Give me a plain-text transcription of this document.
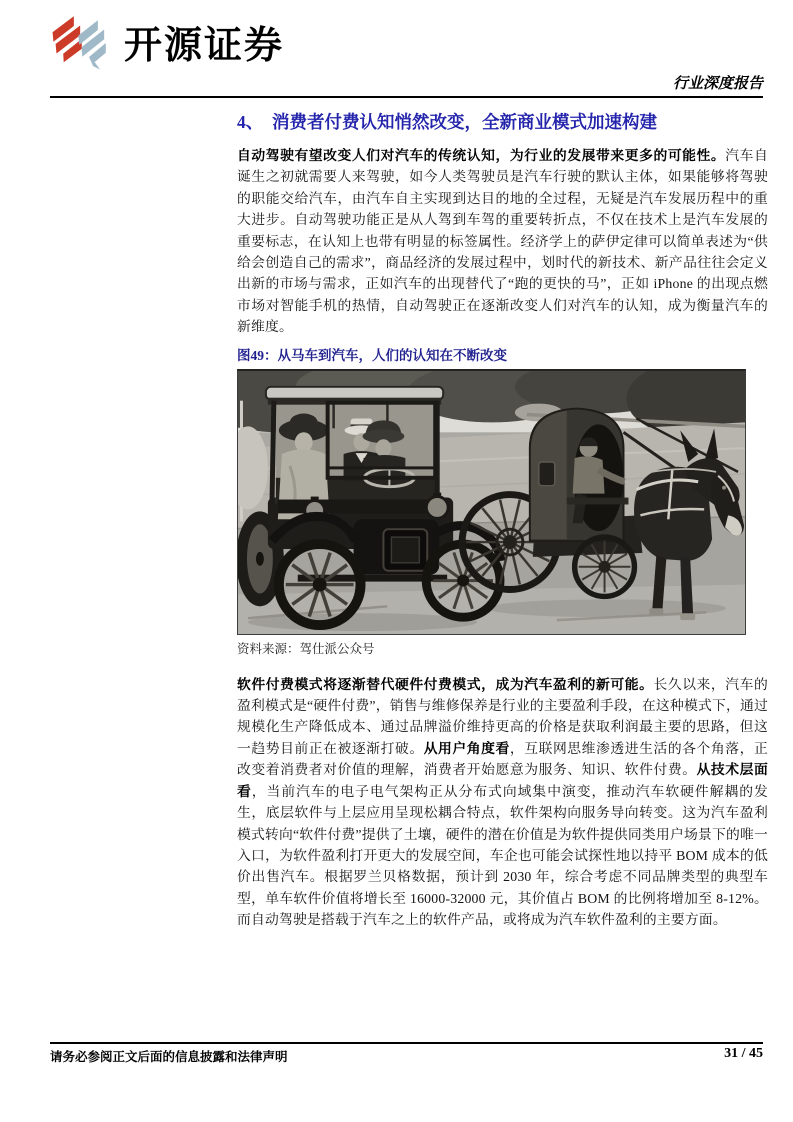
开源证券
行业深度报告
4、　消费者付费认知悄然改变，全新商业模式加速构建

自动驾驶有望改变人们对汽车的传统认知，为行业的发展带来更多的可能性。汽车自诞生之初就需要人来驾驶，如今人类驾驶员是汽车行驶的默认主体，如果能够将驾驶的职能交给汽车，由汽车自主实现到达目的地的全过程，无疑是汽车发展历程中的重大进步。自动驾驶功能正是从人驾到车驾的重要转折点，不仅在技术上是汽车发展的重要标志，在认知上也带有明显的标签属性。经济学上的萨伊定律可以简单表述为“供给会创造自己的需求”，商品经济的发展过程中，划时代的新技术、新产品往往会定义出新的市场与需求，正如汽车的出现替代了“跑的更快的马”，正如 iPhone 的出现点燃市场对智能手机的热情，自动驾驶正在逐渐改变人们对汽车的认知，成为衡量汽车的新维度。

图49：从马车到汽车，人们的认知在不断改变
资料来源：驾仕派公众号

软件付费模式将逐渐替代硬件付费模式，成为汽车盈利的新可能。长久以来，汽车的盈利模式是“硬件付费”，销售与维修保养是行业的主要盈利手段，在这种模式下，通过规模化生产降低成本、通过品牌溢价维持更高的价格是获取利润最主要的思路，但这一趋势目前正在被逐渐打破。从用户角度看，互联网思维渗透进生活的各个角落，正改变着消费者对价值的理解，消费者开始愿意为服务、知识、软件付费。从技术层面看，当前汽车的电子电气架构正从分布式向域集中演变，推动汽车软硬件解耦的发生，底层软件与上层应用呈现松耦合特点，软件架构向服务导向转变。这为汽车盈利模式转向“软件付费”提供了土壤，硬件的潜在价值是为软件提供同类用户场景下的唯一入口，为软件盈利打开更大的发展空间，车企也可能会试探性地以持平 BOM 成本的低价出售汽车。根据罗兰贝格数据，预计到 2030 年，综合考虑不同品牌类型的典型车型，单车软件价值将增长至 16000-32000 元，其价值占 BOM 的比例将增加至 8-12%。而自动驾驶是搭载于汽车之上的软件产品，或将成为汽车软件盈利的主要方面。

请务必参阅正文后面的信息披露和法律声明	31 / 45
